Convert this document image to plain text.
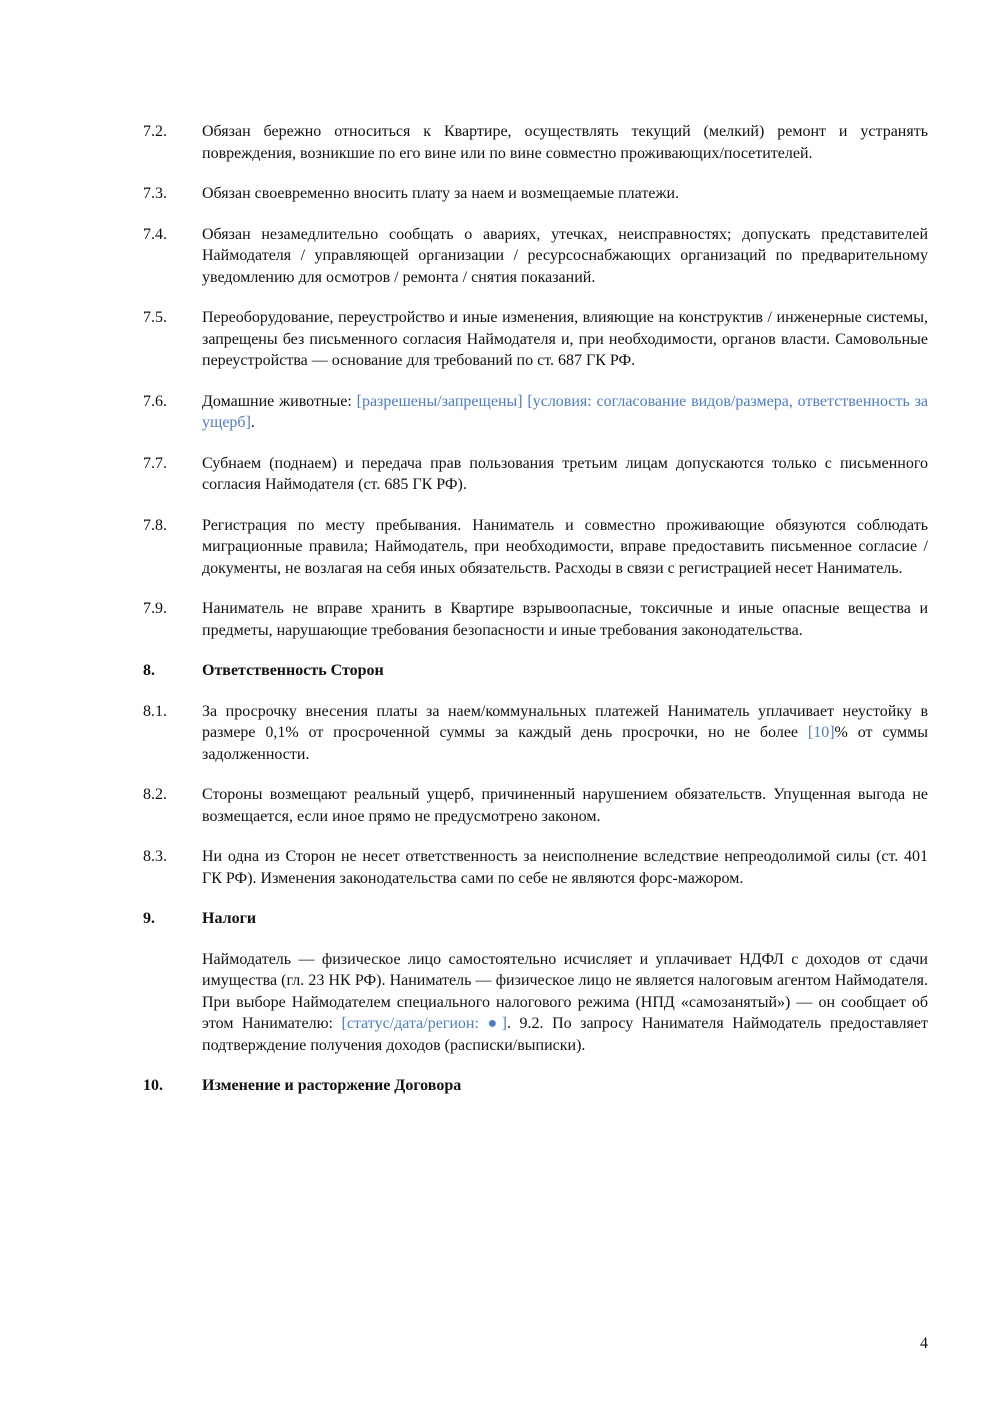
7.2.	Обязан бережно относиться к Квартире, осуществлять текущий (мелкий) ремонт и устранять повреждения, возникшие по его вине или по вине совместно проживающих/посетителей.
7.3.	Обязан своевременно вносить плату за наем и возмещаемые платежи.
7.4.	Обязан незамедлительно сообщать о авариях, утечках, неисправностях; допускать представителей Наймодателя / управляющей организации / ресурсоснабжающих организаций по предварительному уведомлению для осмотров / ремонта / снятия показаний.
7.5.	Переоборудование, переустройство и иные изменения, влияющие на конструктив / инженерные системы, запрещены без письменного согласия Наймодателя и, при необходимости, органов власти. Самовольные переустройства — основание для требований по ст. 687 ГК РФ.
7.6.	Домашние животные: [разрешены/запрещены] [условия: согласование видов/размера, ответственность за ущерб].
7.7.	Субнаем (поднаем) и передача прав пользования третьим лицам допускаются только с письменного согласия Наймодателя (ст. 685 ГК РФ).
7.8.	Регистрация по месту пребывания. Наниматель и совместно проживающие обязуются соблюдать миграционные правила; Наймодатель, при необходимости, вправе предоставить письменное согласие / документы, не возлагая на себя иных обязательств. Расходы в связи с регистрацией несет Наниматель.
7.9.	Наниматель не вправе хранить в Квартире взрывоопасные, токсичные и иные опасные вещества и предметы, нарушающие требования безопасности и иные требования законодательства.
8.	Ответственность Сторон
8.1.	За просрочку внесения платы за наем/коммунальных платежей Наниматель уплачивает неустойку в размере 0,1% от просроченной суммы за каждый день просрочки, но не более [10]% от суммы задолженности.
8.2.	Стороны возмещают реальный ущерб, причиненный нарушением обязательств. Упущенная выгода не возмещается, если иное прямо не предусмотрено законом.
8.3.	Ни одна из Сторон не несет ответственность за неисполнение вследствие непреодолимой силы (ст. 401 ГК РФ). Изменения законодательства сами по себе не являются форс-мажором.
9.	Налоги
Наймодатель — физическое лицо самостоятельно исчисляет и уплачивает НДФЛ с доходов от сдачи имущества (гл. 23 НК РФ). Наниматель — физическое лицо не является налоговым агентом Наймодателя. При выборе Наймодателем специального налогового режима (НПД «самозанятый») — он сообщает об этом Нанимателю: [статус/дата/регион: ●]. 9.2. По запросу Нанимателя Наймодатель предоставляет подтверждение получения доходов (расписки/выписки).
10.	Изменение и расторжение Договора
4
